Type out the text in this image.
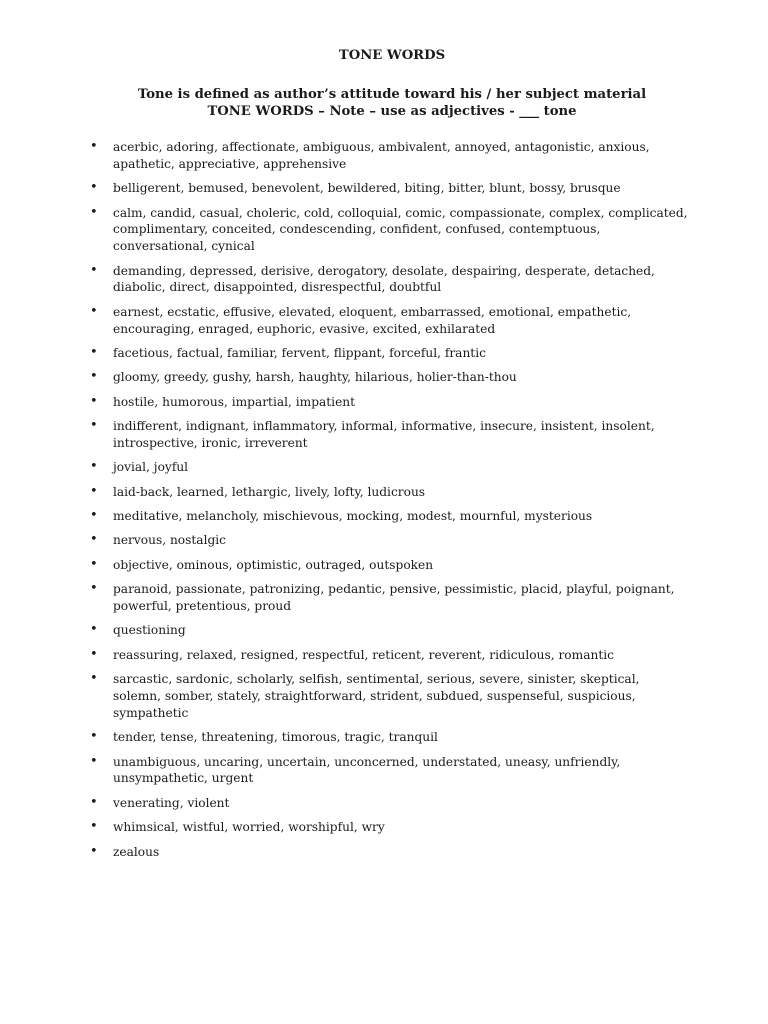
TONE WORDS
Tone is defined as author’s attitude toward his / her subject material
TONE WORDS – Note – use as adjectives - ___ tone
• acerbic, adoring, affectionate, ambiguous, ambivalent, annoyed, antagonistic, anxious, apathetic, appreciative, apprehensive
• belligerent, bemused, benevolent, bewildered, biting, bitter, blunt, bossy, brusque
• calm, candid, casual, choleric, cold, colloquial, comic, compassionate, complex, complicated, complimentary, conceited, condescending, confident, confused, contemptuous, conversational, cynical
• demanding, depressed, derisive, derogatory, desolate, despairing, desperate, detached, diabolic, direct, disappointed, disrespectful, doubtful
• earnest, ecstatic, effusive, elevated, eloquent, embarrassed, emotional, empathetic, encouraging, enraged, euphoric, evasive, excited, exhilarated
• facetious, factual, familiar, fervent, flippant, forceful, frantic
• gloomy, greedy, gushy, harsh, haughty, hilarious, holier-than-thou
• hostile, humorous, impartial, impatient
• indifferent, indignant, inflammatory, informal, informative, insecure, insistent, insolent, introspective, ironic, irreverent
• jovial, joyful
• laid-back, learned, lethargic, lively, lofty, ludicrous
• meditative, melancholy, mischievous, mocking, modest, mournful, mysterious
• nervous, nostalgic
• objective, ominous, optimistic, outraged, outspoken
• paranoid, passionate, patronizing, pedantic, pensive, pessimistic, placid, playful, poignant, powerful, pretentious, proud
• questioning
• reassuring, relaxed, resigned, respectful, reticent, reverent, ridiculous, romantic
• sarcastic, sardonic, scholarly, selfish, sentimental, serious, severe, sinister, skeptical, solemn, somber, stately, straightforward, strident, subdued, suspenseful, suspicious, sympathetic
• tender, tense, threatening, timorous, tragic, tranquil
• unambiguous, uncaring, uncertain, unconcerned, understated, uneasy, unfriendly, unsympathetic, urgent
• venerating, violent
• whimsical, wistful, worried, worshipful, wry
• zealous
